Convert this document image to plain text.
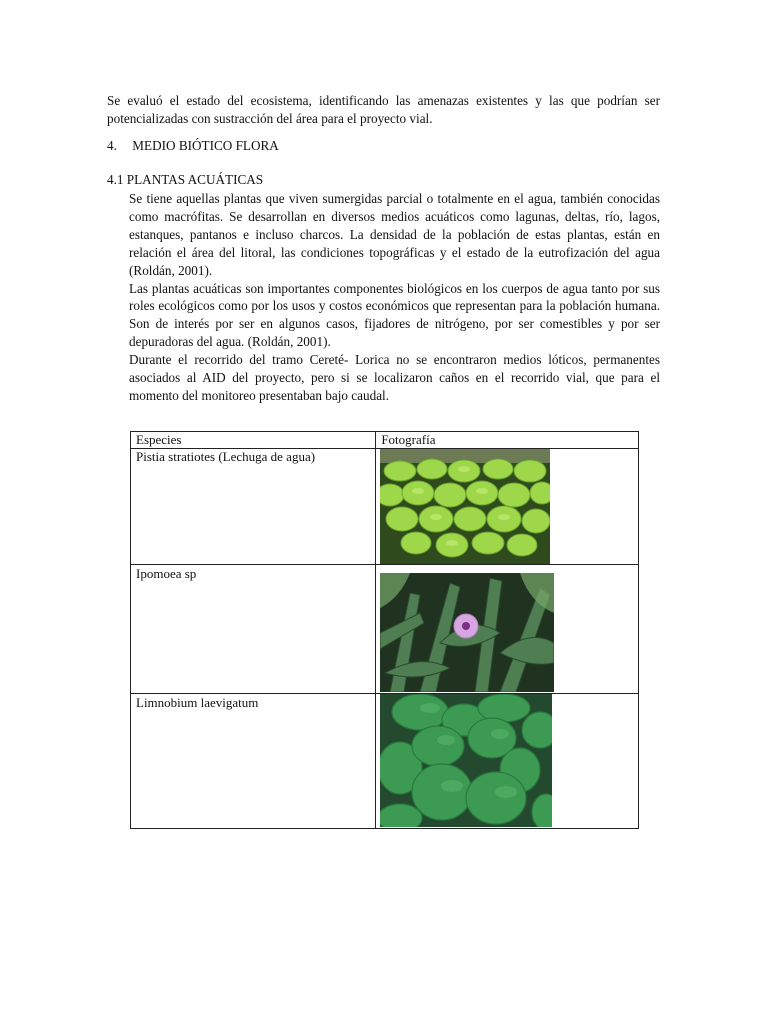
Se evaluó el estado del ecosistema, identificando las amenazas existentes y las que podrían ser potencializadas con sustracción del área para el proyecto vial.

4. MEDIO BIÓTICO FLORA
4.1 PLANTAS ACUÁTICAS

Se tiene aquellas plantas que viven sumergidas parcial o totalmente en el agua, también conocidas como macrófitas. Se desarrollan en diversos medios acuáticos como lagunas, deltas, río, lagos, estanques, pantanos e incluso charcos. La densidad de la población de estas plantas, están en relación el área del litoral, las condiciones topográficas y el estado de la eutrofización del agua (Roldán, 2001).

Las plantas acuáticas son importantes componentes biológicos en los cuerpos de agua tanto por sus roles ecológicos como por los usos y costos económicos que representan para la población humana. Son de interés por ser en algunos casos, fijadores de nitrógeno, por ser comestibles y por ser depuradoras del agua. (Roldán, 2001).

Durante el recorrido del tramo Cereté- Lorica no se encontraron medios lóticos, permanentes asociados al AID del proyecto, pero si se localizaron caños en el recorrido vial, que para el momento del monitoreo presentaban bajo caudal.

Especies	Fotografía
Pistia stratiotes (Lechuga de agua)	

Ipomoea sp	

Limnobium laevigatum	
